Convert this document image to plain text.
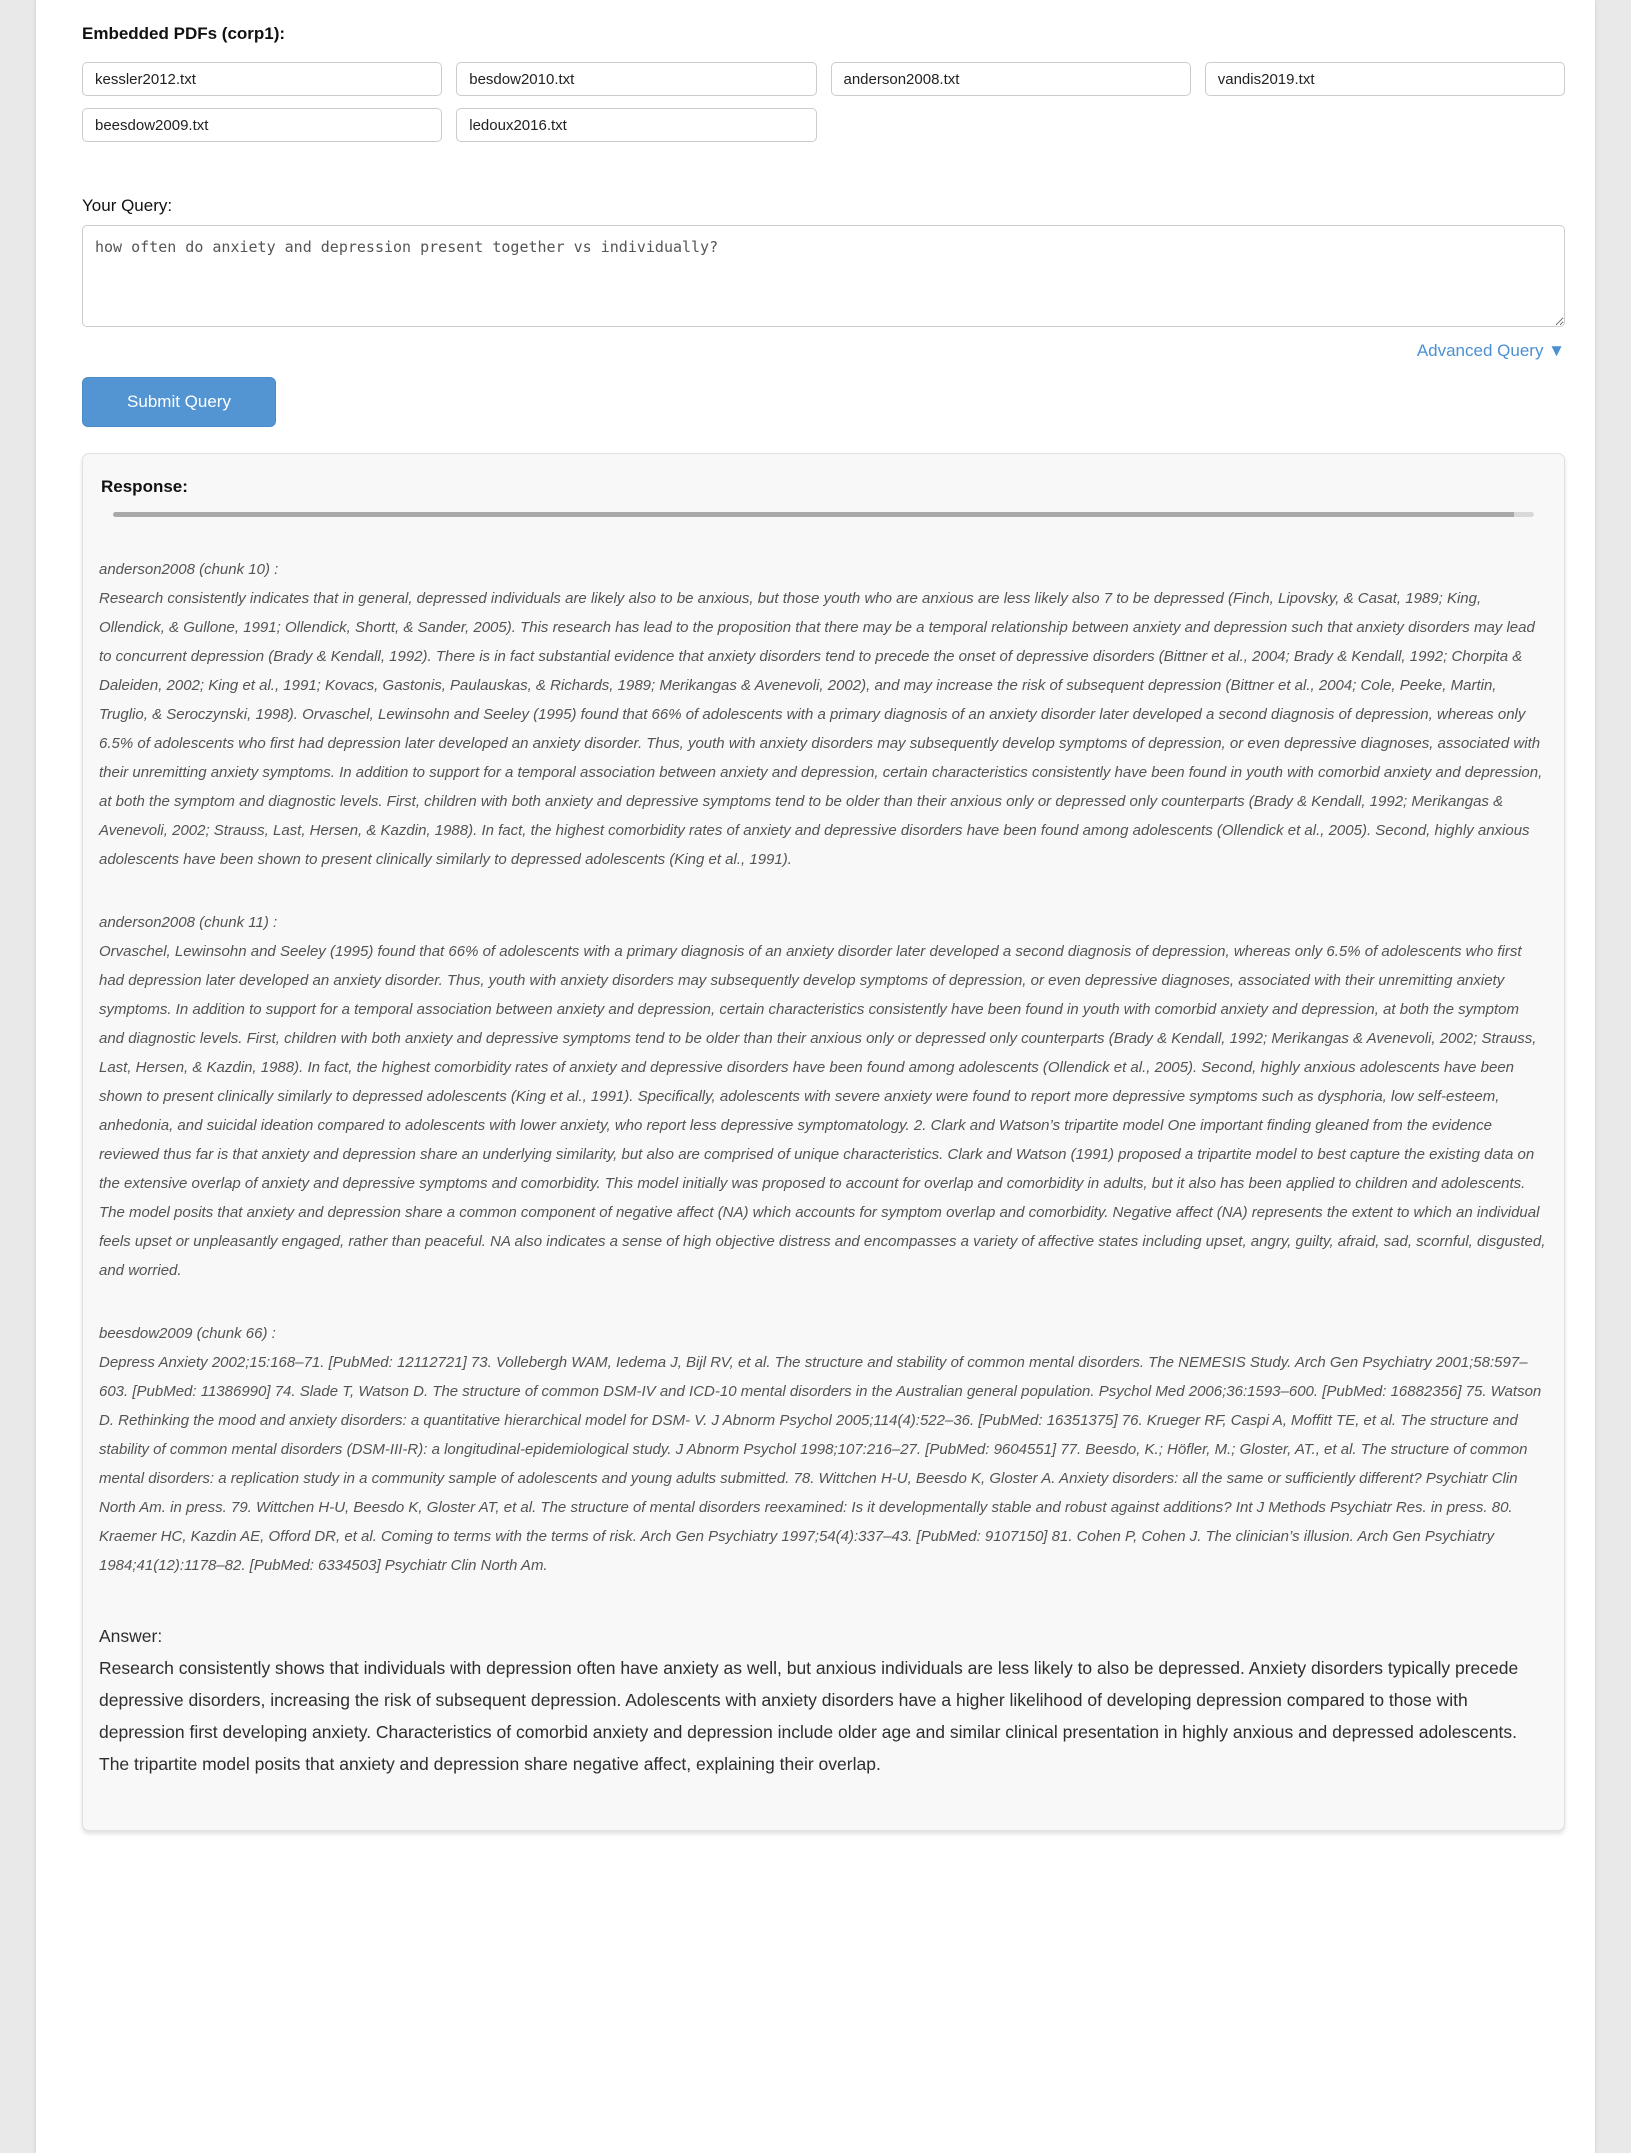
Embedded PDFs (corp1):
kessler2012.txt
besdow2010.txt
anderson2008.txt
vandis2019.txt
beesdow2009.txt
ledoux2016.txt
Your Query:
how often do anxiety and depression present together vs individually?
Advanced Query ▼
Submit Query
Response:
anderson2008 (chunk 10) :
Research consistently indicates that in general, depressed individuals are likely also to be anxious, but those youth who are anxious are less likely also 7 to be depressed (Finch, Lipovsky, & Casat, 1989; King, Ollendick, & Gullone, 1991; Ollendick, Shortt, & Sander, 2005). This research has lead to the proposition that there may be a temporal relationship between anxiety and depression such that anxiety disorders may lead to concurrent depression (Brady & Kendall, 1992). There is in fact substantial evidence that anxiety disorders tend to precede the onset of depressive disorders (Bittner et al., 2004; Brady & Kendall, 1992; Chorpita & Daleiden, 2002; King et al., 1991; Kovacs, Gastonis, Paulauskas, & Richards, 1989; Merikangas & Avenevoli, 2002), and may increase the risk of subsequent depression (Bittner et al., 2004; Cole, Peeke, Martin, Truglio, & Seroczynski, 1998). Orvaschel, Lewinsohn and Seeley (1995) found that 66% of adolescents with a primary diagnosis of an anxiety disorder later developed a second diagnosis of depression, whereas only 6.5% of adolescents who first had depression later developed an anxiety disorder. Thus, youth with anxiety disorders may subsequently develop symptoms of depression, or even depressive diagnoses, associated with their unremitting anxiety symptoms. In addition to support for a temporal association between anxiety and depression, certain characteristics consistently have been found in youth with comorbid anxiety and depression, at both the symptom and diagnostic levels. First, children with both anxiety and depressive symptoms tend to be older than their anxious only or depressed only counterparts (Brady & Kendall, 1992; Merikangas & Avenevoli, 2002; Strauss, Last, Hersen, & Kazdin, 1988). In fact, the highest comorbidity rates of anxiety and depressive disorders have been found among adolescents (Ollendick et al., 2005). Second, highly anxious adolescents have been shown to present clinically similarly to depressed adolescents (King et al., 1991).
anderson2008 (chunk 11) :
Orvaschel, Lewinsohn and Seeley (1995) found that 66% of adolescents with a primary diagnosis of an anxiety disorder later developed a second diagnosis of depression, whereas only 6.5% of adolescents who first had depression later developed an anxiety disorder. Thus, youth with anxiety disorders may subsequently develop symptoms of depression, or even depressive diagnoses, associated with their unremitting anxiety symptoms. In addition to support for a temporal association between anxiety and depression, certain characteristics consistently have been found in youth with comorbid anxiety and depression, at both the symptom and diagnostic levels. First, children with both anxiety and depressive symptoms tend to be older than their anxious only or depressed only counterparts (Brady & Kendall, 1992; Merikangas & Avenevoli, 2002; Strauss, Last, Hersen, & Kazdin, 1988). In fact, the highest comorbidity rates of anxiety and depressive disorders have been found among adolescents (Ollendick et al., 2005). Second, highly anxious adolescents have been shown to present clinically similarly to depressed adolescents (King et al., 1991). Specifically, adolescents with severe anxiety were found to report more depressive symptoms such as dysphoria, low self-esteem, anhedonia, and suicidal ideation compared to adolescents with lower anxiety, who report less depressive symptomatology. 2. Clark and Watson’s tripartite model One important finding gleaned from the evidence reviewed thus far is that anxiety and depression share an underlying similarity, but also are comprised of unique characteristics. Clark and Watson (1991) proposed a tripartite model to best capture the existing data on the extensive overlap of anxiety and depressive symptoms and comorbidity. This model initially was proposed to account for overlap and comorbidity in adults, but it also has been applied to children and adolescents. The model posits that anxiety and depression share a common component of negative affect (NA) which accounts for symptom overlap and comorbidity. Negative affect (NA) represents the extent to which an individual feels upset or unpleasantly engaged, rather than peaceful. NA also indicates a sense of high objective distress and encompasses a variety of affective states including upset, angry, guilty, afraid, sad, scornful, disgusted, and worried.
beesdow2009 (chunk 66) :
Depress Anxiety 2002;15:168–71. [PubMed: 12112721] 73. Vollebergh WAM, Iedema J, Bijl RV, et al. The structure and stability of common mental disorders. The NEMESIS Study. Arch Gen Psychiatry 2001;58:597–603. [PubMed: 11386990] 74. Slade T, Watson D. The structure of common DSM-IV and ICD-10 mental disorders in the Australian general population. Psychol Med 2006;36:1593–600. [PubMed: 16882356] 75. Watson D. Rethinking the mood and anxiety disorders: a quantitative hierarchical model for DSM- V. J Abnorm Psychol 2005;114(4):522–36. [PubMed: 16351375] 76. Krueger RF, Caspi A, Moffitt TE, et al. The structure and stability of common mental disorders (DSM-III-R): a longitudinal-epidemiological study. J Abnorm Psychol 1998;107:216–27. [PubMed: 9604551] 77. Beesdo, K.; Höfler, M.; Gloster, AT., et al. The structure of common mental disorders: a replication study in a community sample of adolescents and young adults submitted. 78. Wittchen H-U, Beesdo K, Gloster A. Anxiety disorders: all the same or sufficiently different? Psychiatr Clin North Am. in press. 79. Wittchen H-U, Beesdo K, Gloster AT, et al. The structure of mental disorders reexamined: Is it developmentally stable and robust against additions? Int J Methods Psychiatr Res. in press. 80. Kraemer HC, Kazdin AE, Offord DR, et al. Coming to terms with the terms of risk. Arch Gen Psychiatry 1997;54(4):337–43. [PubMed: 9107150] 81. Cohen P, Cohen J. The clinician’s illusion. Arch Gen Psychiatry 1984;41(12):1178–82. [PubMed: 6334503] Psychiatr Clin North Am.
Answer:
Research consistently shows that individuals with depression often have anxiety as well, but anxious individuals are less likely to also be depressed. Anxiety disorders typically precede depressive disorders, increasing the risk of subsequent depression. Adolescents with anxiety disorders have a higher likelihood of developing depression compared to those with depression first developing anxiety. Characteristics of comorbid anxiety and depression include older age and similar clinical presentation in highly anxious and depressed adolescents. The tripartite model posits that anxiety and depression share negative affect, explaining their overlap.
